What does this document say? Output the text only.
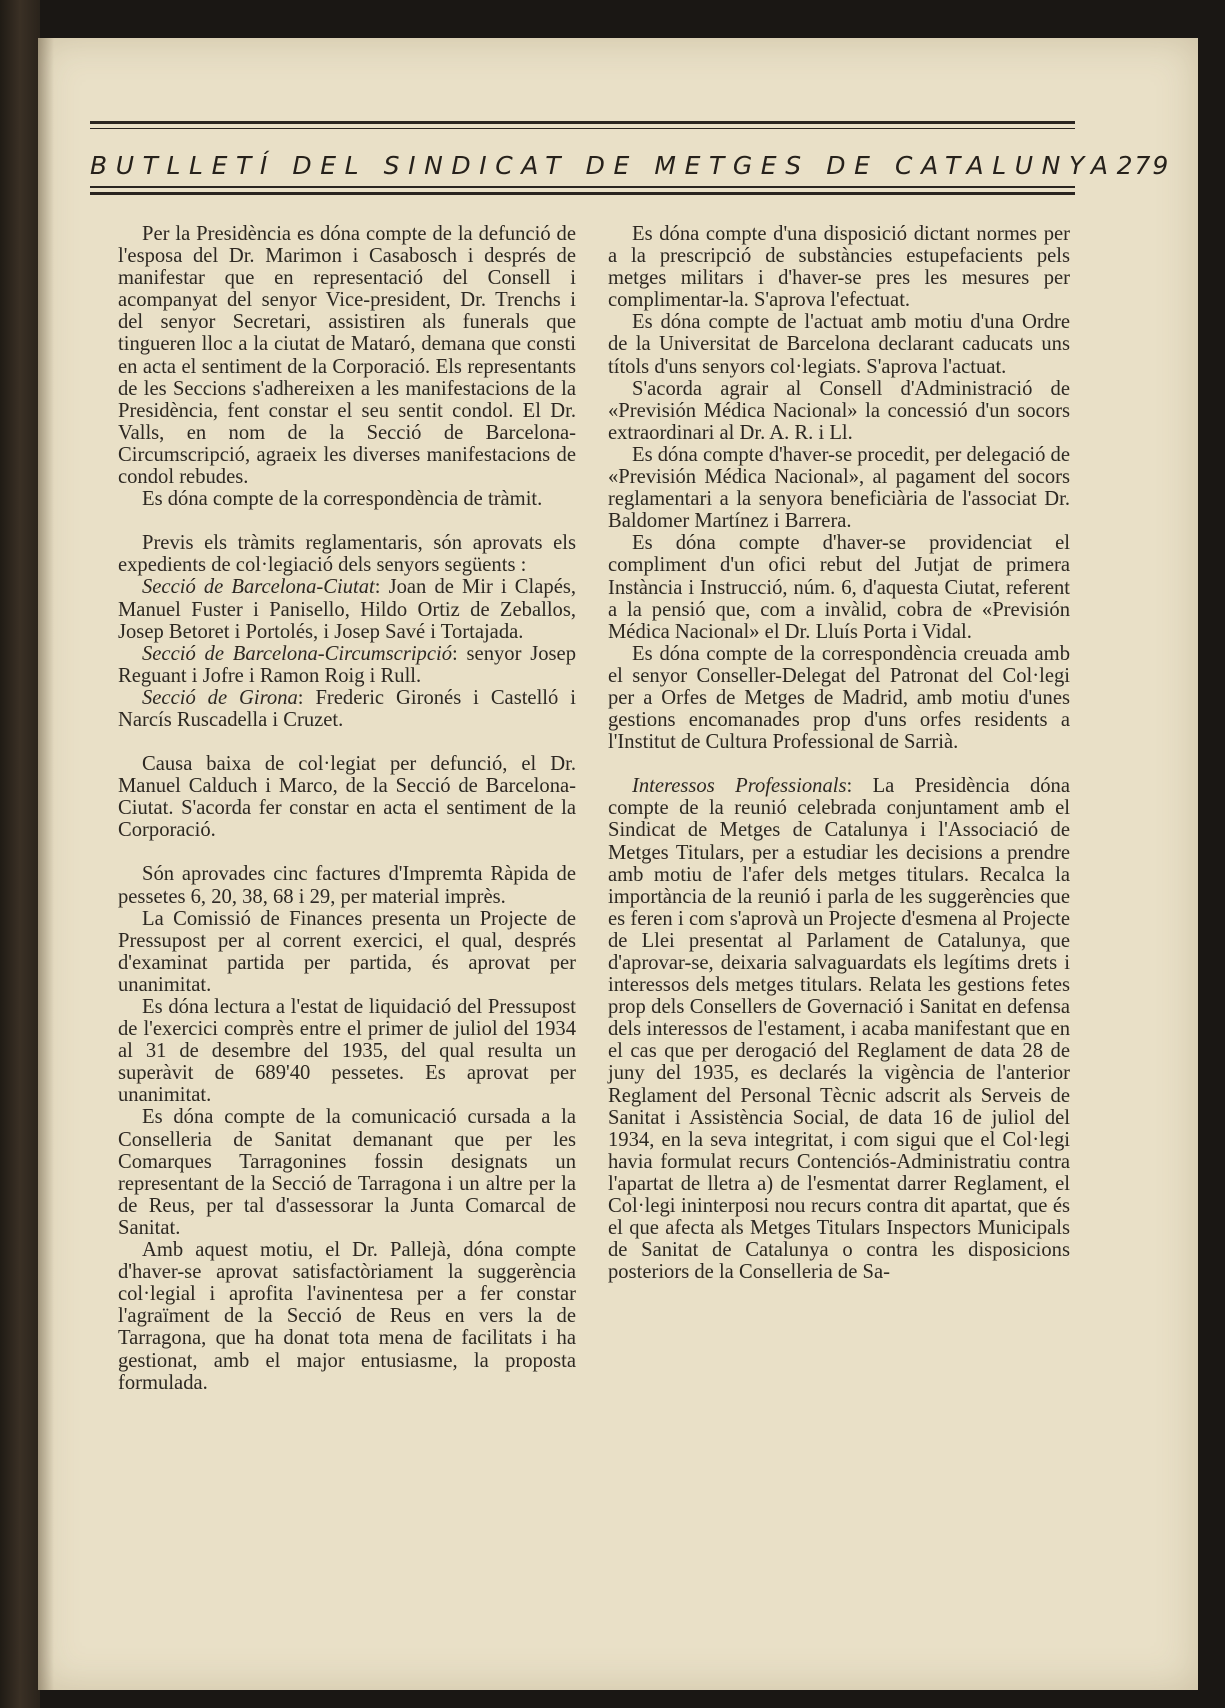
BUTLLETÍ DEL SINDICAT DE METGES DE CATALUNYA 279

Per la Presidència es dóna compte de la defunció de l'esposa del Dr. Marimon i Casabosch i després de manifestar que en representació del Consell i acompanyat del senyor Vice-president, Dr. Trenchs i del senyor Secretari, assistiren als funerals que tingueren lloc a la ciutat de Mataró, demana que consti en acta el sentiment de la Corporació. Els representants de les Seccions s'adhereixen a les manifestacions de la Presidència, fent constar el seu sentit condol. El Dr. Valls, en nom de la Secció de Barcelona-Circumscripció, agraeix les diverses manifestacions de condol rebudes.

Es dóna compte de la correspondència de tràmit.

Previs els tràmits reglamentaris, són aprovats els expedients de col·legiació dels senyors següents :

Secció de Barcelona-Ciutat: Joan de Mir i Clapés, Manuel Fuster i Panisello, Hildo Ortiz de Zeballos, Josep Betoret i Portolés, i Josep Savé i Tortajada.

Secció de Barcelona-Circumscripció: senyor Josep Reguant i Jofre i Ramon Roig i Rull.

Secció de Girona: Frederic Gironés i Castelló i Narcís Ruscadella i Cruzet.

Causa baixa de col·legiat per defunció, el Dr. Manuel Calduch i Marco, de la Secció de Barcelona-Ciutat. S'acorda fer constar en acta el sentiment de la Corporació.

Són aprovades cinc factures d'Impremta Ràpida de pessetes 6, 20, 38, 68 i 29, per material imprès.

La Comissió de Finances presenta un Projecte de Pressupost per al corrent exercici, el qual, després d'examinat partida per partida, és aprovat per unanimitat.

Es dóna lectura a l'estat de liquidació del Pressupost de l'exercici comprès entre el primer de juliol del 1934 al 31 de desembre del 1935, del qual resulta un superàvit de 689'40 pessetes. Es aprovat per unanimitat.

Es dóna compte de la comunicació cursada a la Conselleria de Sanitat demanant que per les Comarques Tarragonines fossin designats un representant de la Secció de Tarragona i un altre per la de Reus, per tal d'assessorar la Junta Comarcal de Sanitat.

Amb aquest motiu, el Dr. Pallejà, dóna compte d'haver-se aprovat satisfactòriament la suggerència col·legial i aprofita l'avinentesa per a fer constar l'agraïment de la Secció de Reus en vers la de Tarragona, que ha donat tota mena de facilitats i ha gestionat, amb el major entusiasme, la proposta formulada.

Es dóna compte d'una disposició dictant normes per a la prescripció de substàncies estupefacients pels metges militars i d'haver-se pres les mesures per complimentar-la. S'aprova l'efectuat.

Es dóna compte de l'actuat amb motiu d'una Ordre de la Universitat de Barcelona declarant caducats uns títols d'uns senyors col·legiats. S'aprova l'actuat.

S'acorda agrair al Consell d'Administració de «Previsión Médica Nacional» la concessió d'un socors extraordinari al Dr. A. R. i Ll.

Es dóna compte d'haver-se procedit, per delegació de «Previsión Médica Nacional», al pagament del socors reglamentari a la senyora beneficiària de l'associat Dr. Baldomer Martínez i Barrera.

Es dóna compte d'haver-se providenciat el compliment d'un ofici rebut del Jutjat de primera Instància i Instrucció, núm. 6, d'aquesta Ciutat, referent a la pensió que, com a invàlid, cobra de «Previsión Médica Nacional» el Dr. Lluís Porta i Vidal.

Es dóna compte de la correspondència creuada amb el senyor Conseller-Delegat del Patronat del Col·legi per a Orfes de Metges de Madrid, amb motiu d'unes gestions encomanades prop d'uns orfes residents a l'Institut de Cultura Professional de Sarrià.

Interessos Professionals: La Presidència dóna compte de la reunió celebrada conjuntament amb el Sindicat de Metges de Catalunya i l'Associació de Metges Titulars, per a estudiar les decisions a prendre amb motiu de l'afer dels metges titulars. Recalca la importància de la reunió i parla de les suggerències que es feren i com s'aprovà un Projecte d'esmena al Projecte de Llei presentat al Parlament de Catalunya, que d'aprovar-se, deixaria salvaguardats els legítims drets i interessos dels metges titulars. Relata les gestions fetes prop dels Consellers de Governació i Sanitat en defensa dels interessos de l'estament, i acaba manifestant que en el cas que per derogació del Reglament de data 28 de juny del 1935, es declarés la vigència de l'anterior Reglament del Personal Tècnic adscrit als Serveis de Sanitat i Assistència Social, de data 16 de juliol del 1934, en la seva integritat, i com sigui que el Col·legi havia formulat recurs Contenciós-Administratiu contra l'apartat de lletra a) de l'esmentat darrer Reglament, el Col·legi ininterposi nou recurs contra dit apartat, que és el que afecta als Metges Titulars Inspectors Municipals de Sanitat de Catalunya o contra les disposicions posteriors de la Conselleria de Sa-
